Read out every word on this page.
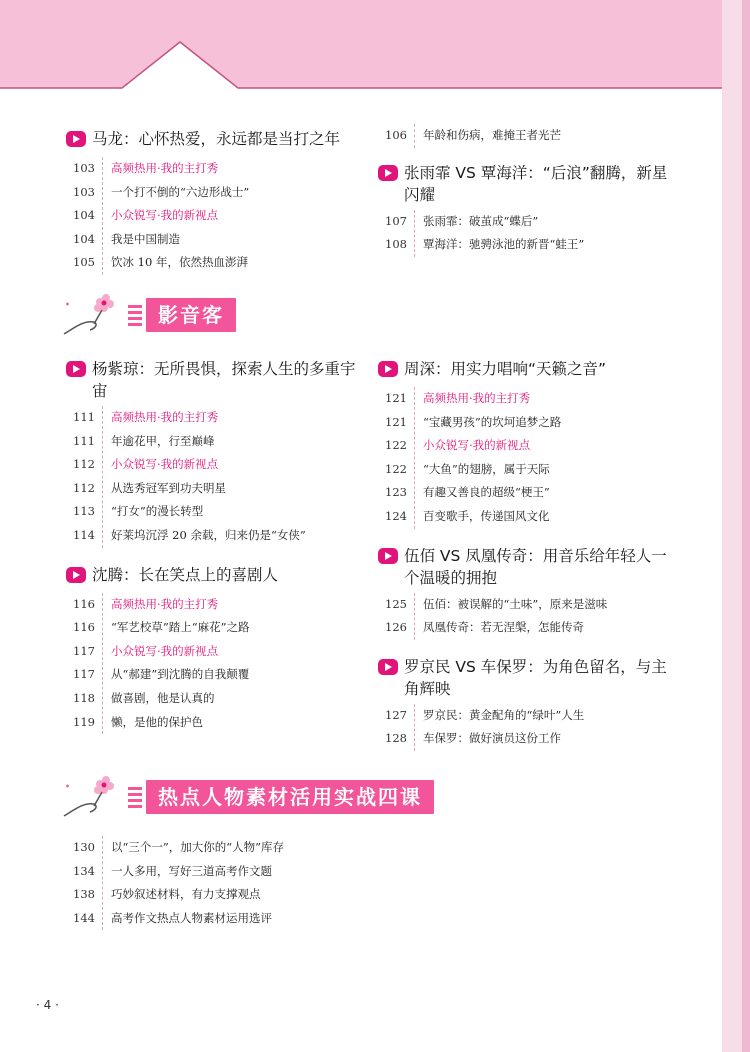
马龙：心怀热爱，永远都是当打之年
103	高频热用·我的主打秀
103	一个打不倒的“六边形战士”
104	小众锐写·我的新视点
104	我是中国制造
105	饮冰 10 年，依然热血澎湃
106	年龄和伤病，难掩王者光芒
张雨霏 VS 覃海洋：“后浪”翻腾，新星闪耀
107	张雨霏：破茧成“蝶后”
108	覃海洋：驰骋泳池的新晋“蛙王”
影音客
杨紫琼：无所畏惧，探索人生的多重宇宙
111	高频热用·我的主打秀
111	年逾花甲，行至巅峰
112	小众锐写·我的新视点
112	从选秀冠军到功夫明星
113	“打女”的漫长转型
114	好莱坞沉浮 20 余载，归来仍是“女侠”
沈腾：长在笑点上的喜剧人
116	高频热用·我的主打秀
116	“军艺校草”踏上“麻花”之路
117	小众锐写·我的新视点
117	从“郝建”到沈腾的自我颠覆
118	做喜剧，他是认真的
119	懒，是他的保护色
周深：用实力唱响“天籁之音”
121	高频热用·我的主打秀
121	“宝藏男孩”的坎坷追梦之路
122	小众锐写·我的新视点
122	“大鱼”的翅膀，属于天际
123	有趣又善良的超级“梗王”
124	百变歌手，传递国风文化
伍佰 VS 凤凰传奇：用音乐给年轻人一个温暖的拥抱
125	伍佰：被误解的“土味”，原来是滋味
126	凤凰传奇：若无涅槃，怎能传奇
罗京民 VS 车保罗：为角色留名，与主角辉映
127	罗京民：黄金配角的“绿叶”人生
128	车保罗：做好演员这份工作
热点人物素材活用实战四课
130	以“三个一”，加大你的“人物”库存
134	一人多用，写好三道高考作文题
138	巧妙叙述材料，有力支撑观点
144	高考作文热点人物素材运用选评
· 4 ·
